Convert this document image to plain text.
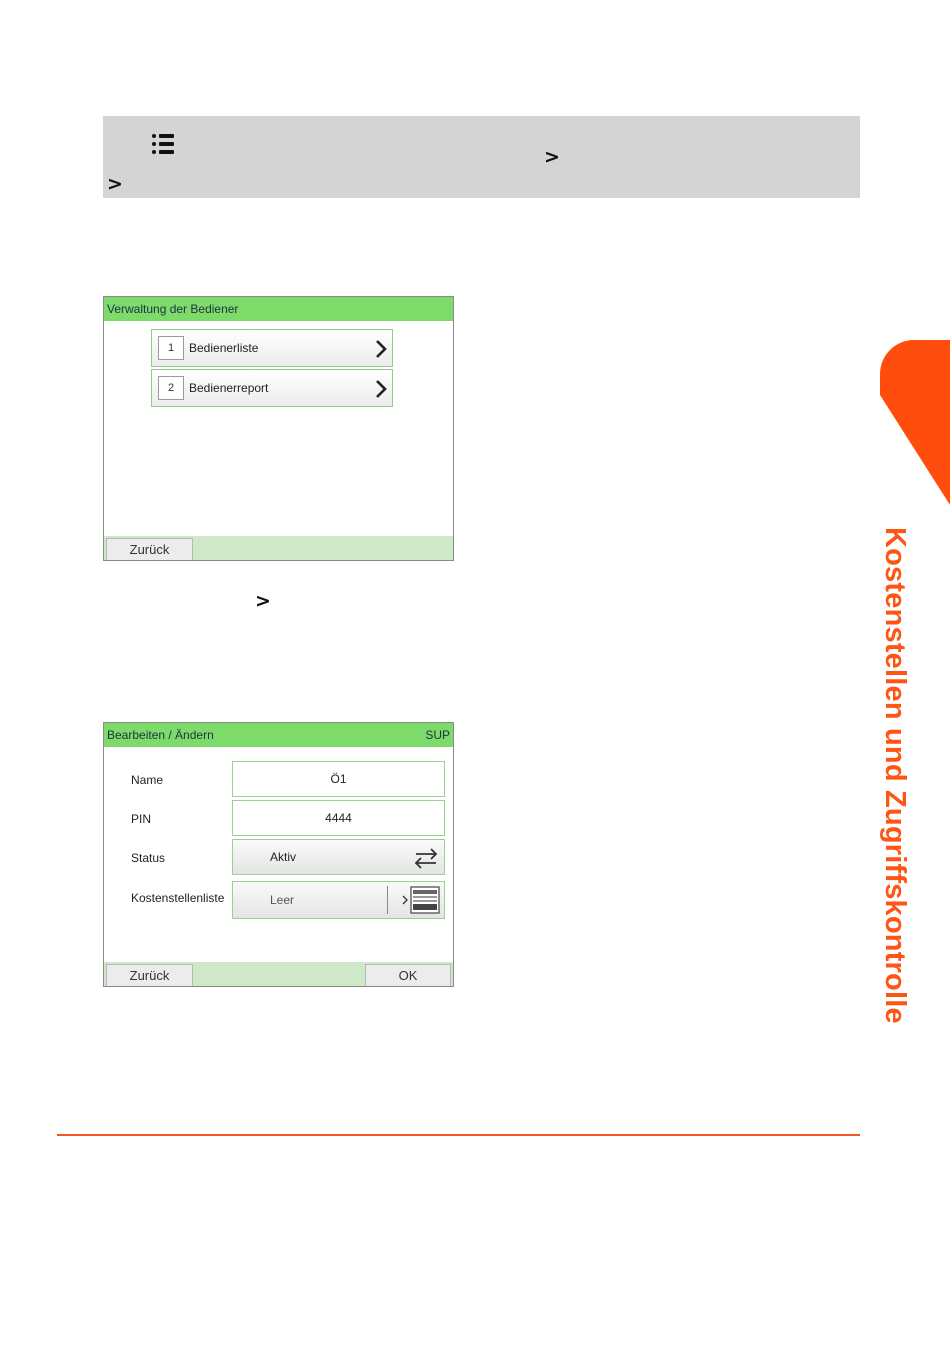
>
>
Verwaltung der Bediener
1	Bedienerliste
2	Bedienerreport
Zurück
>
Bearbeiten / Ändern	SUP
Name	Ö1
PIN	4444
Status	Aktiv
Kostenstellenliste	Leer
Zurück	OK	Kostenstellen und Zugriffskontrolle
